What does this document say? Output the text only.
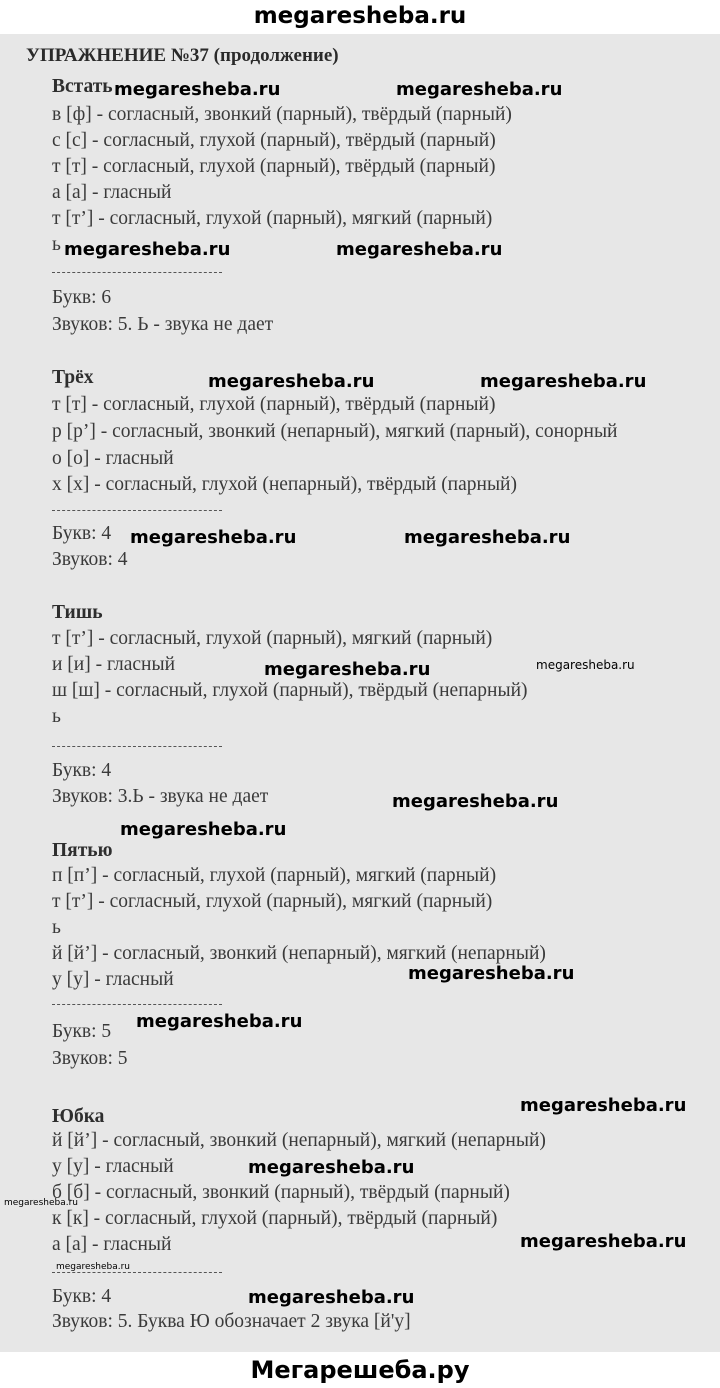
megaresheba.ru
УПРАЖНЕНИЕ №37 (продолжение)
Встать
в [ф] - согласный, звонкий (парный), твёрдый (парный)
с [с] - согласный, глухой (парный), твёрдый (парный)
т [т] - согласный, глухой (парный), твёрдый (парный)
а [а] - гласный
т [т’] - согласный, глухой (парный), мягкий (парный)
ь
Букв: 6
Звуков: 5. Ь - звука не дает
Трёх
т [т] - согласный, глухой (парный), твёрдый (парный)
р [р’] - согласный, звонкий (непарный), мягкий (парный), сонорный
о [о] - гласный
х [х] - согласный, глухой (непарный), твёрдый (парный)
Букв: 4
Звуков: 4
Тишь
т [т’] - согласный, глухой (парный), мягкий (парный)
и [и] - гласный
ш [ш] - согласный, глухой (парный), твёрдый (непарный)
ь
Букв: 4
Звуков: 3.Ь - звука не дает
Пятью
п [п’] - согласный, глухой (парный), мягкий (парный)
т [т’] - согласный, глухой (парный), мягкий (парный)
ь
й [й’] - согласный, звонкий (непарный), мягкий (непарный)
у [у] - гласный
Букв: 5
Звуков: 5
Юбка
й [й’] - согласный, звонкий (непарный), мягкий (непарный)
у [у] - гласный
б [б] - согласный, звонкий (парный), твёрдый (парный)
к [к] - согласный, глухой (парный), твёрдый (парный)
а [а] - гласный
Букв: 4
Звуков: 5. Буква Ю обозначает 2 звука [й'у]
megaresheba.ru	megaresheba.ru
megaresheba.ru	megaresheba.ru
megaresheba.ru	megaresheba.ru
megaresheba.ru	megaresheba.ru
megaresheba.ru	megaresheba.ru
megaresheba.ru
megaresheba.ru
megaresheba.ru
megaresheba.ru
megaresheba.ru
megaresheba.ru
megaresheba.ru
megaresheba.ru
megaresheba.ru
megaresheba.ru
Мегарешеба.ру
